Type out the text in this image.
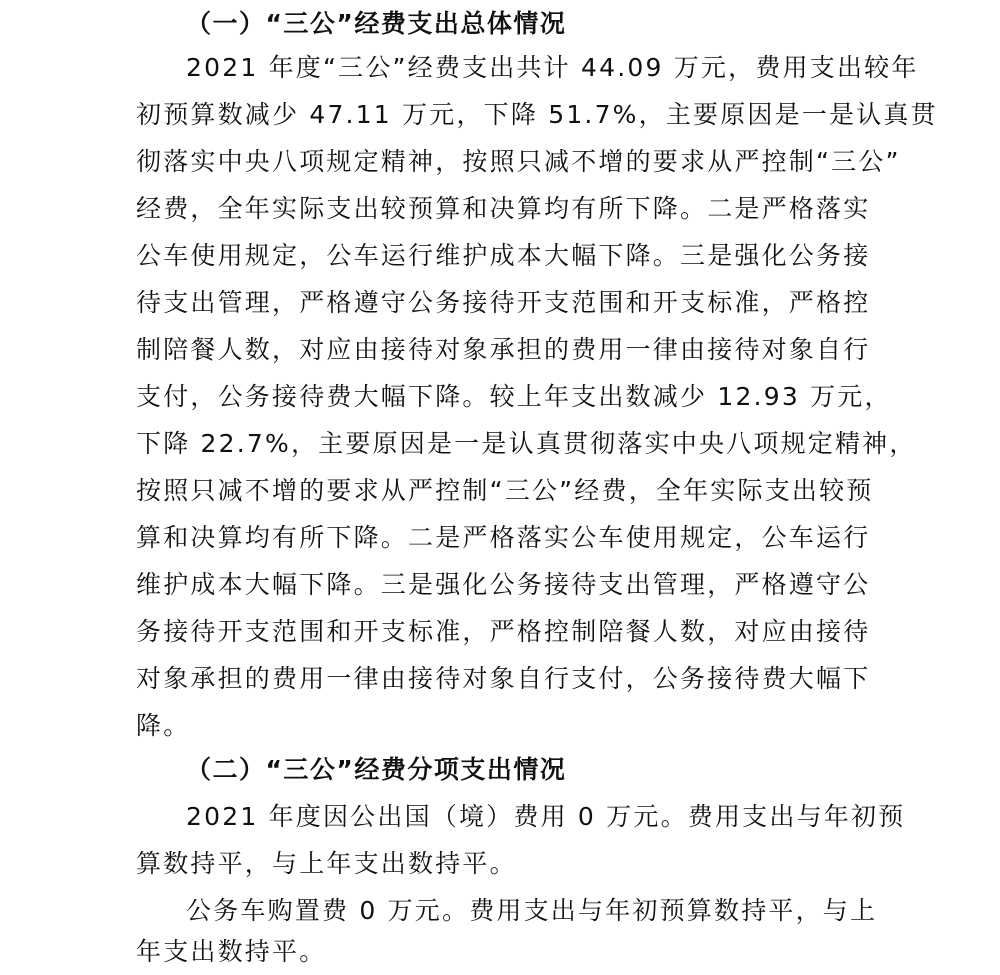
（一）“三公”经费支出总体情况
2021 年度“三公”经费支出共计 44.09 万元，费用支出较年
初预算数减少 47.11 万元，下降 51.7%，主要原因是一是认真贯
彻落实中央八项规定精神，按照只减不增的要求从严控制“三公”
经费，全年实际支出较预算和决算均有所下降。二是严格落实
公车使用规定，公车运行维护成本大幅下降。三是强化公务接
待支出管理，严格遵守公务接待开支范围和开支标准，严格控
制陪餐人数，对应由接待对象承担的费用一律由接待对象自行
支付，公务接待费大幅下降。较上年支出数减少 12.93 万元，
下降 22.7%，主要原因是一是认真贯彻落实中央八项规定精神，
按照只减不增的要求从严控制“三公”经费，全年实际支出较预
算和决算均有所下降。二是严格落实公车使用规定，公车运行
维护成本大幅下降。三是强化公务接待支出管理，严格遵守公
务接待开支范围和开支标准，严格控制陪餐人数，对应由接待
对象承担的费用一律由接待对象自行支付，公务接待费大幅下
降。
（二）“三公”经费分项支出情况
2021 年度因公出国（境）费用 0 万元。费用支出与年初预
算数持平，与上年支出数持平。
公务车购置费 0 万元。费用支出与年初预算数持平，与上
年支出数持平。
